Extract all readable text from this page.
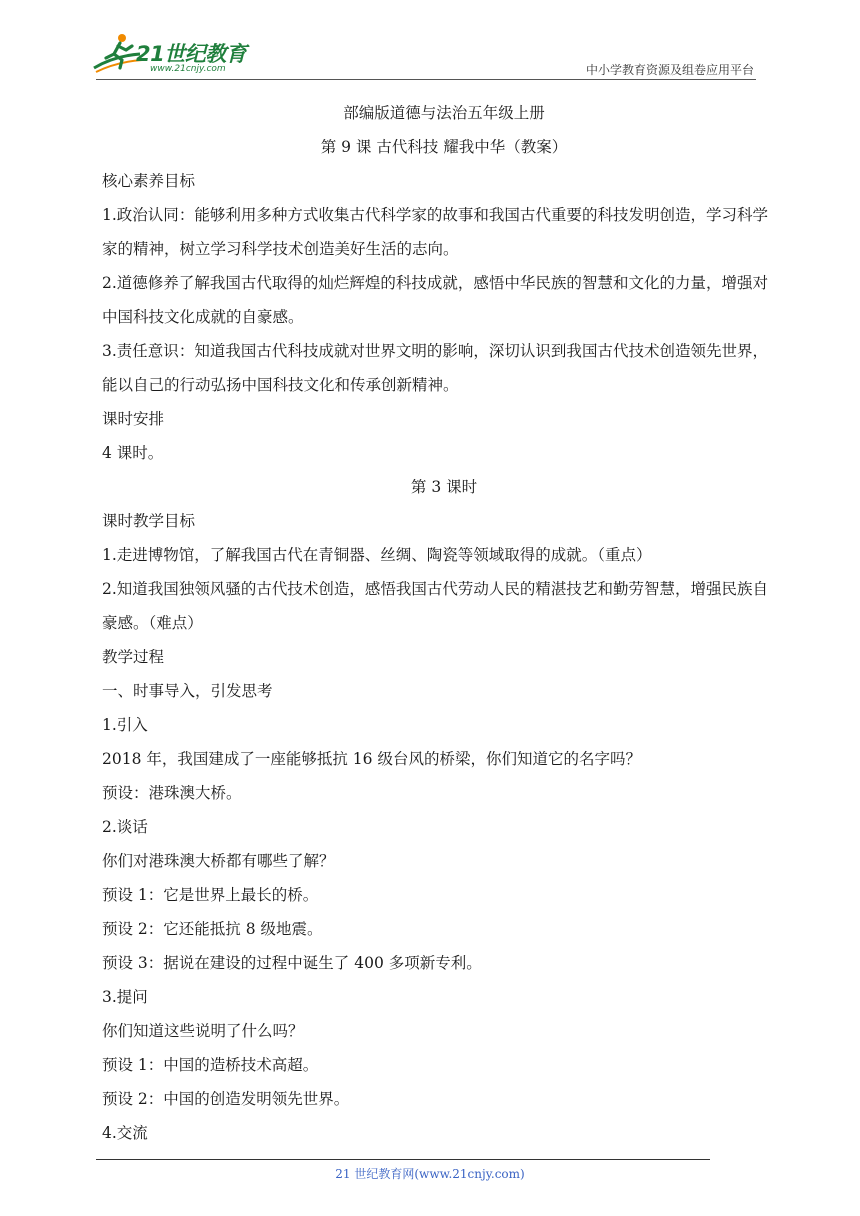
21世纪教育
www.21cnjy.com	中小学教育资源及组卷应用平台
部编版道德与法治五年级上册
第 9 课 古代科技 耀我中华（教案）
核心素养目标
1.政治认同：能够利用多种方式收集古代科学家的故事和我国古代重要的科技发明创造，学习科学家的精神，树立学习科学技术创造美好生活的志向。
2.道德修养了解我国古代取得的灿烂辉煌的科技成就，感悟中华民族的智慧和文化的力量，增强对中国科技文化成就的自豪感。
3.责任意识：知道我国古代科技成就对世界文明的影响，深切认识到我国古代技术创造领先世界，能以自己的行动弘扬中国科技文化和传承创新精神。
课时安排
4 课时。
第 3 课时
课时教学目标
1.走进博物馆，了解我国古代在青铜器、丝绸、陶瓷等领域取得的成就。（重点）
2.知道我国独领风骚的古代技术创造，感悟我国古代劳动人民的精湛技艺和勤劳智慧，增强民族自豪感。（难点）
教学过程
一、时事导入，引发思考
1.引入
2018 年，我国建成了一座能够抵抗 16 级台风的桥梁，你们知道它的名字吗？
预设：港珠澳大桥。
2.谈话
你们对港珠澳大桥都有哪些了解？
预设 1：它是世界上最长的桥。
预设 2：它还能抵抗 8 级地震。
预设 3：据说在建设的过程中诞生了 400 多项新专利。
3.提问
你们知道这些说明了什么吗？
预设 1：中国的造桥技术高超。
预设 2：中国的创造发明领先世界。
4.交流
21 世纪教育网(www.21cnjy.com)
